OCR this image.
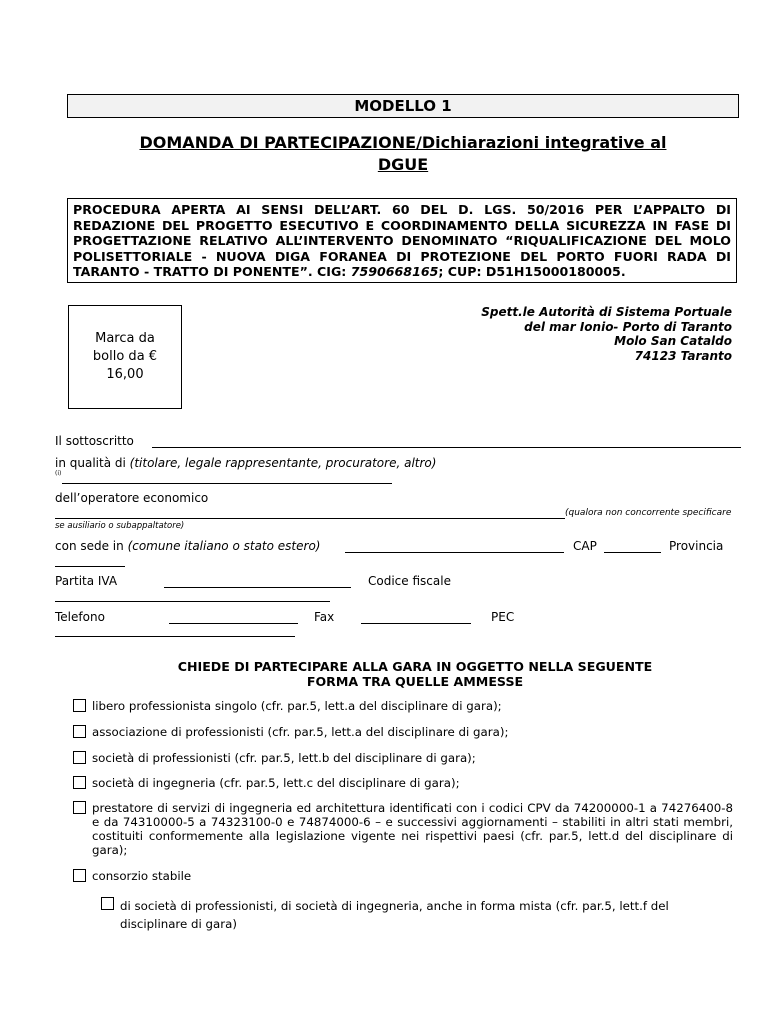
MODELLO 1
DOMANDA DI PARTECIPAZIONE/Dichiarazioni integrative al
DGUE
PROCEDURA APERTA AI SENSI DELL’ART. 60 DEL D. LGS. 50/2016 PER L’APPALTO DI REDAZIONE DEL PROGETTO ESECUTIVO E COORDINAMENTO DELLA SICUREZZA IN FASE DI PROGETTAZIONE RELATIVO ALL’INTERVENTO DENOMINATO “RIQUALIFICAZIONE DEL MOLO POLISETTORIALE - NUOVA DIGA FORANEA DI PROTEZIONE DEL PORTO FUORI RADA DI TARANTO - TRATTO DI PONENTE”. CIG: 7590668165; CUP: D51H15000180005.
Marca da
bollo da €
16,00
Spett.le Autorità di Sistema Portuale
del mar Ionio- Porto di Taranto
Molo San Cataldo
74123 Taranto
Il sottoscritto
in qualità di (titolare, legale rappresentante, procuratore, altro)
(i)
dell’operatore economico
(qualora non concorrente specificare
se ausiliario o subappaltatore)
con sede in (comune italiano o stato estero)	CAP	Provincia
Partita IVA	Codice fiscale
Telefono	Fax	PEC
CHIEDE DI PARTECIPARE ALLA GARA IN OGGETTO NELLA SEGUENTE
FORMA TRA QUELLE AMMESSE
libero professionista singolo (cfr. par.5, lett.a del disciplinare di gara);
associazione di professionisti (cfr. par.5, lett.a del disciplinare di gara);
società di professionisti (cfr. par.5, lett.b del disciplinare di gara);
società di ingegneria (cfr. par.5, lett.c del disciplinare di gara);
prestatore di servizi di ingegneria ed architettura identificati con i codici CPV da 74200000-1 a 74276400-8 e da 74310000-5 a 74323100-0 e 74874000-6 – e successivi aggiornamenti – stabiliti in altri stati membri, costituiti conformemente alla legislazione vigente nei rispettivi paesi (cfr. par.5, lett.d del disciplinare di gara);
consorzio stabile
di società di professionisti, di società di ingegneria, anche in forma mista (cfr. par.5, lett.f del disciplinare di gara)
